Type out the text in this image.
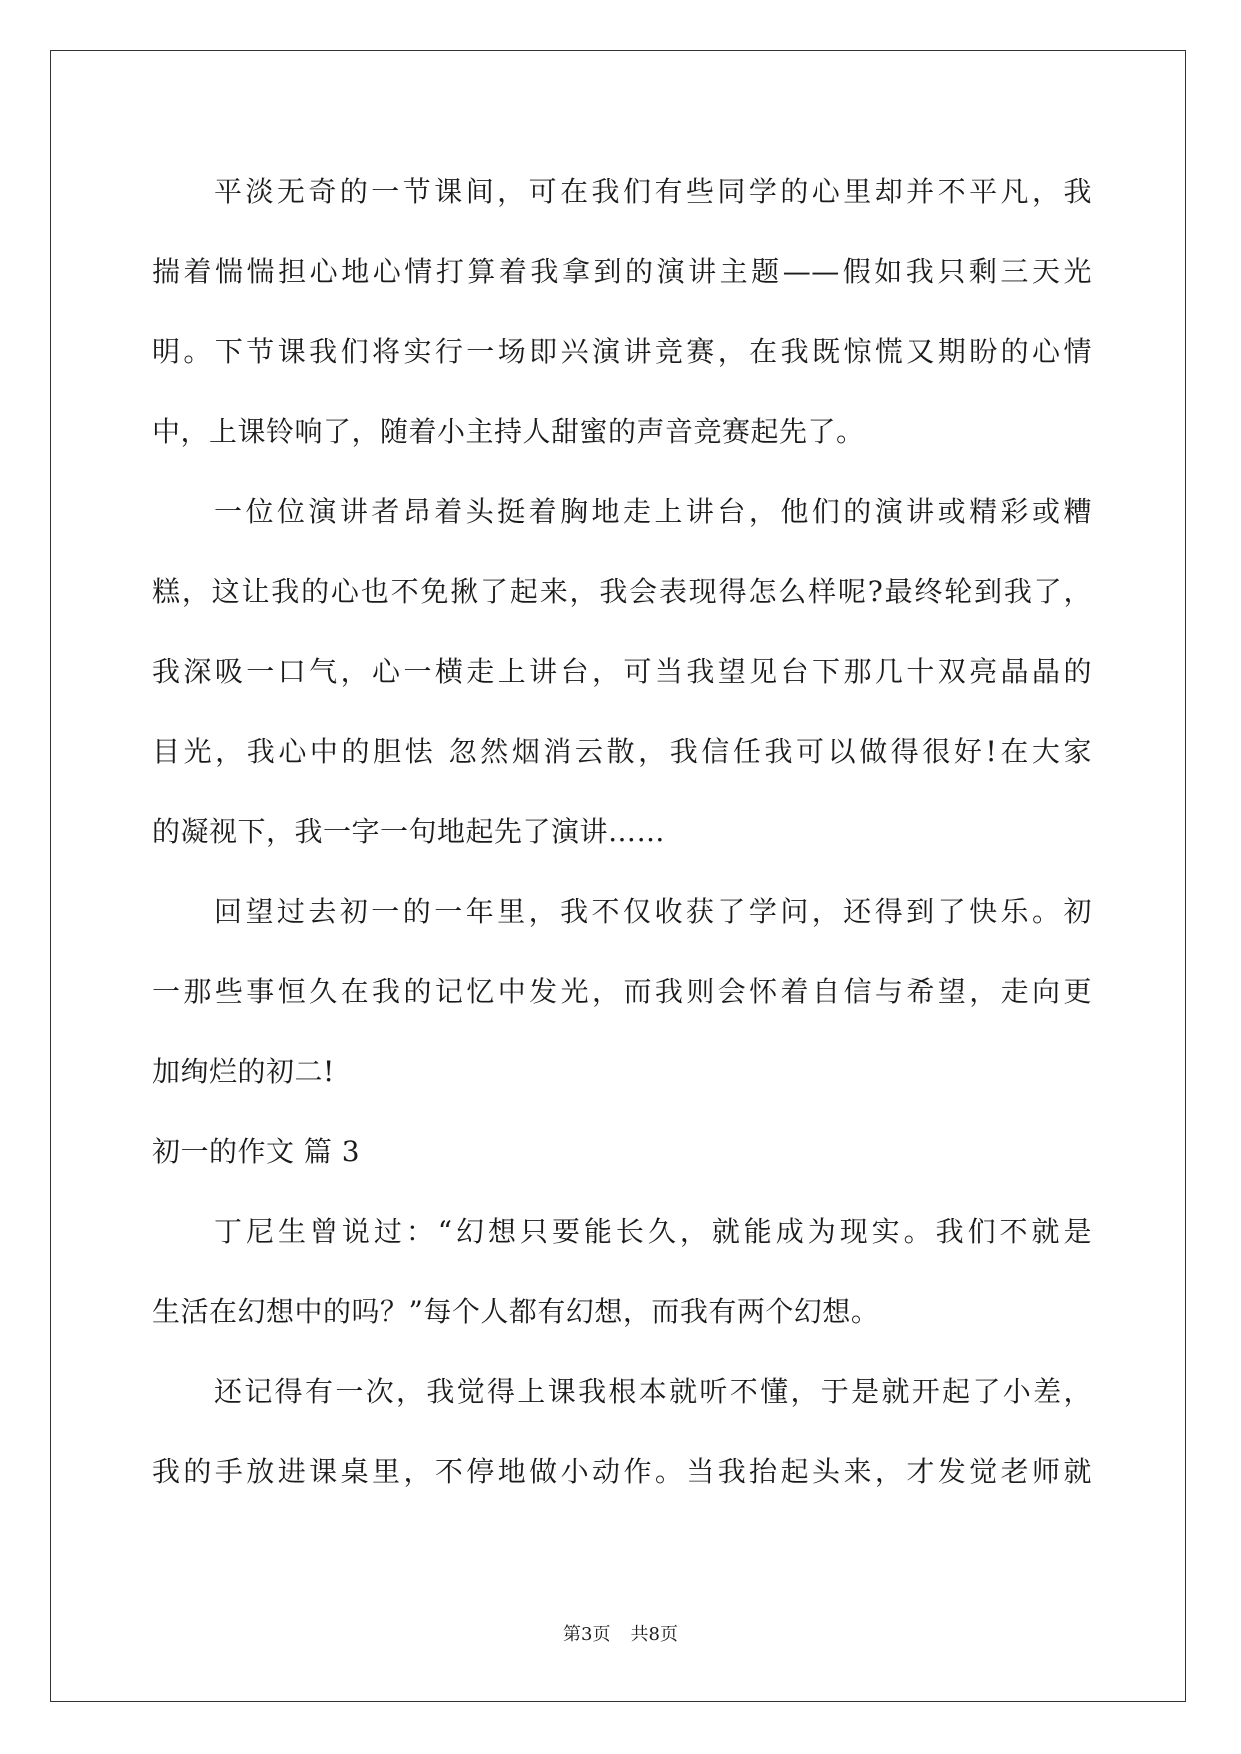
平淡无奇的一节课间，可在我们有些同学的心里却并不平凡，我
揣着惴惴担心地心情打算着我拿到的演讲主题——假如我只剩三天光
明。下节课我们将实行一场即兴演讲竞赛，在我既惊慌又期盼的心情
中，上课铃响了，随着小主持人甜蜜的声音竞赛起先了。
一位位演讲者昂着头挺着胸地走上讲台，他们的演讲或精彩或糟
糕，这让我的心也不免揪了起来，我会表现得怎么样呢?最终轮到我了，
我深吸一口气，心一横走上讲台，可当我望见台下那几十双亮晶晶的
目光，我心中的胆怯 忽然烟消云散，我信任我可以做得很好!在大家
的凝视下，我一字一句地起先了演讲……
回望过去初一的一年里，我不仅收获了学问，还得到了快乐。初
一那些事恒久在我的记忆中发光，而我则会怀着自信与希望，走向更
加绚烂的初二!
初一的作文 篇 3
丁尼生曾说过：“幻想只要能长久，就能成为现实。我们不就是
生活在幻想中的吗？”每个人都有幻想，而我有两个幻想。
还记得有一次，我觉得上课我根本就听不懂，于是就开起了小差，
我的手放进课桌里，不停地做小动作。当我抬起头来，才发觉老师就
第3页 共8页
